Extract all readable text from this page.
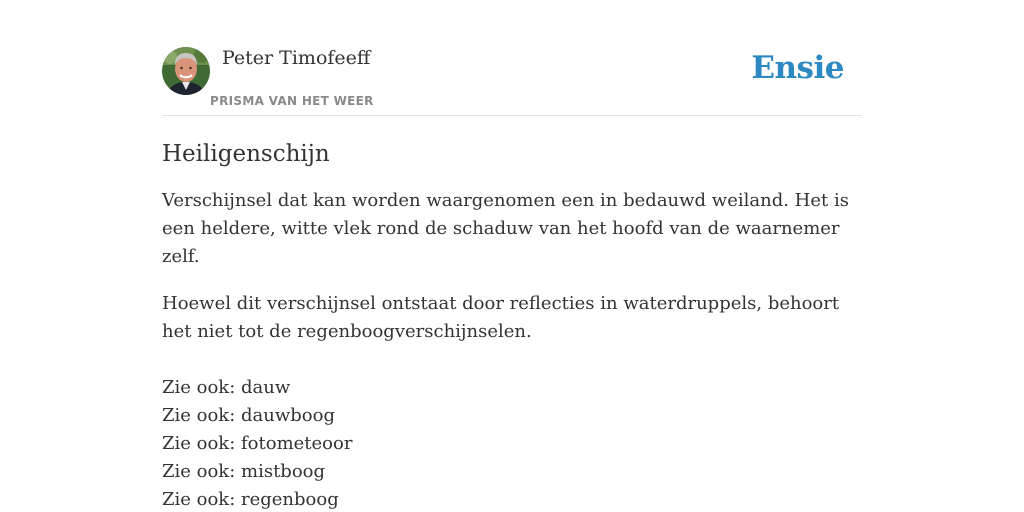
Peter Timofeeff
PRISMA VAN HET WEER
Ensie
Heiligenschijn

Verschijnsel dat kan worden waargenomen een in bedauwd weiland. Het is een heldere, witte vlek rond de schaduw van het hoofd van de waarnemer zelf.

Hoewel dit verschijnsel ontstaat door reflecties in waterdruppels, behoort het niet tot de regenboogverschijnselen.

Zie ook: dauw
Zie ook: dauwboog
Zie ook: fotometeoor
Zie ook: mistboog
Zie ook: regenboog
